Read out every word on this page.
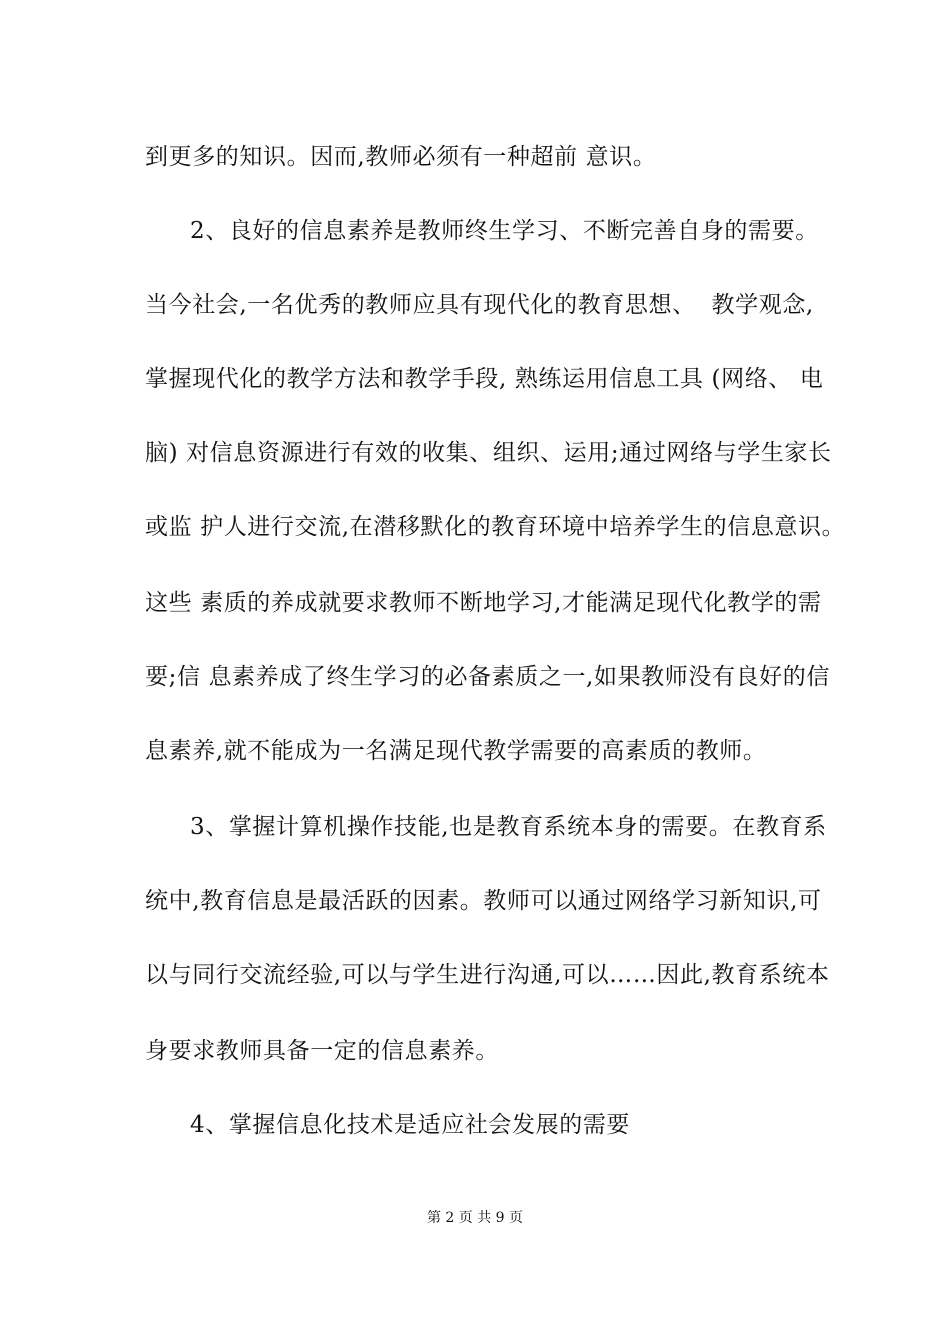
到更多的知识。因而,教师必须有一种超前 意识。
2、良好的信息素养是教师终生学习、不断完善自身的需要。
当今社会,一名优秀的教师应具有现代化的教育思想、  教学观念,
掌握现代化的教学方法和教学手段, 熟练运用信息工具 (网络、 电
脑) 对信息资源进行有效的收集、组织、运用;通过网络与学生家长
或监 护人进行交流,在潜移默化的教育环境中培养学生的信息意识。
这些 素质的养成就要求教师不断地学习,才能满足现代化教学的需
要;信 息素养成了终生学习的必备素质之一,如果教师没有良好的信
息素养,就不能成为一名满足现代教学需要的高素质的教师。
3、掌握计算机操作技能,也是教育系统本身的需要。在教育系
统中,教育信息是最活跃的因素。教师可以通过网络学习新知识,可
以与同行交流经验,可以与学生进行沟通,可以……因此,教育系统本
身要求教师具备一定的信息素养。
4、掌握信息化技术是适应社会发展的需要
第 2 页 共 9 页
